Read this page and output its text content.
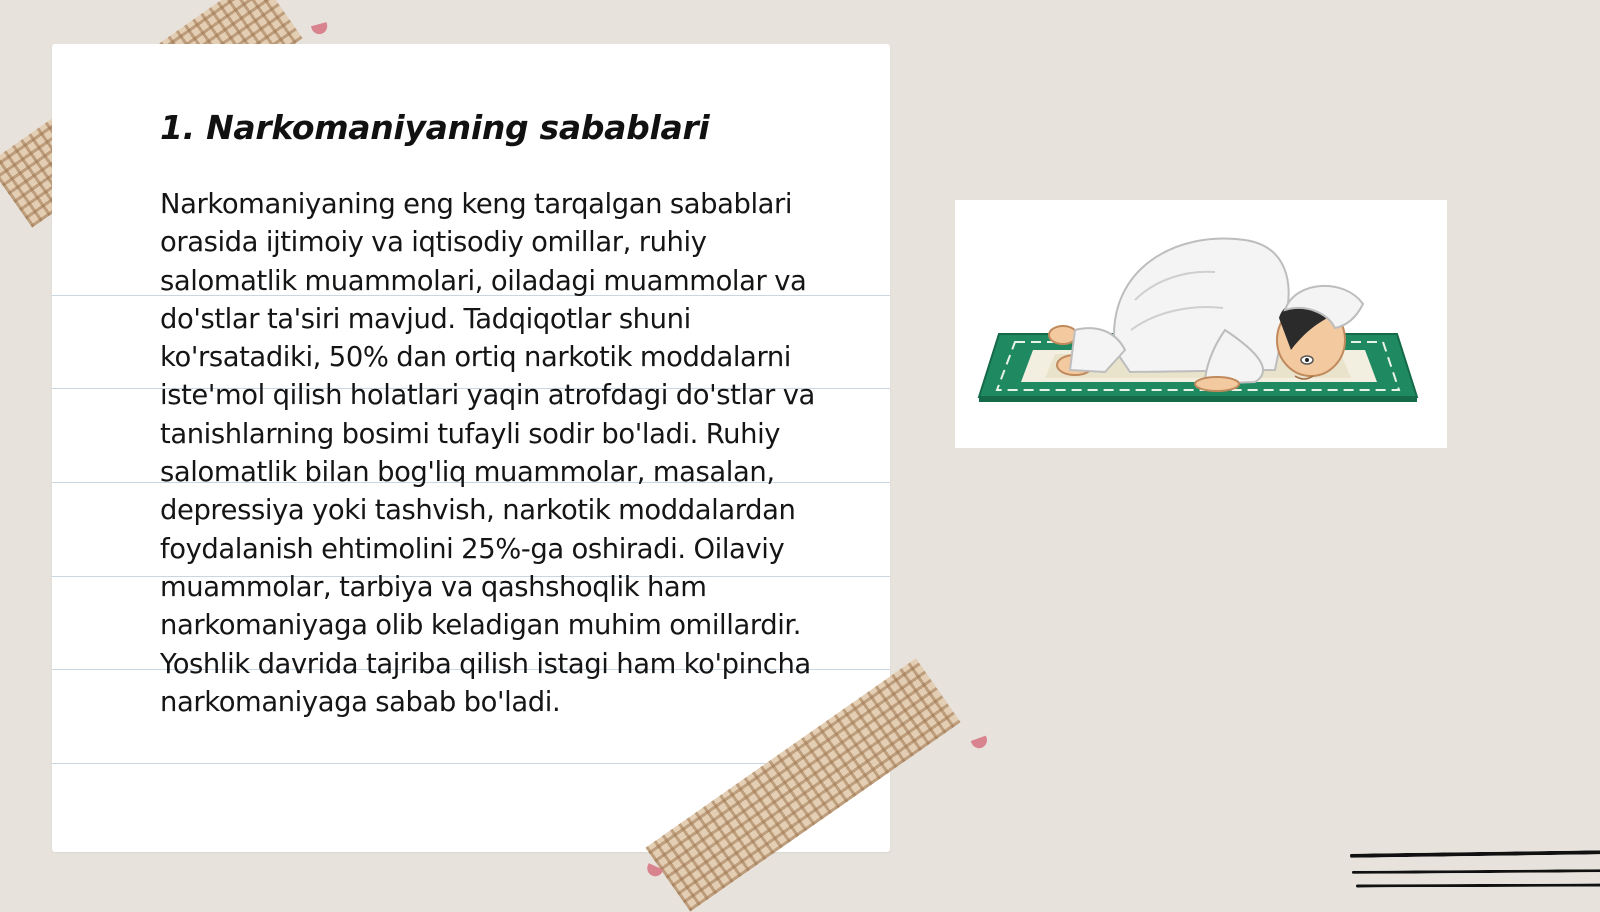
1. Narkomaniyaning sabablari

Narkomaniyaning eng keng tarqalgan sabablari orasida ijtimoiy va iqtisodiy omillar, ruhiy salomatlik muammolari, oiladagi muammolar va do'stlar ta'siri mavjud. Tadqiqotlar shuni ko'rsatadiki, 50% dan ortiq narkotik moddalarni iste'mol qilish holatlari yaqin atrofdagi do'stlar va tanishlarning bosimi tufayli sodir bo'ladi. Ruhiy salomatlik bilan bog'liq muammolar, masalan, depressiya yoki tashvish, narkotik moddalardan foydalanish ehtimolini 25%-ga oshiradi. Oilaviy muammolar, tarbiya va qashshoqlik ham narkomaniyaga olib keladigan muhim omillardir. Yoshlik davrida tajriba qilish istagi ham ko'pincha narkomaniyaga sabab bo'ladi.
